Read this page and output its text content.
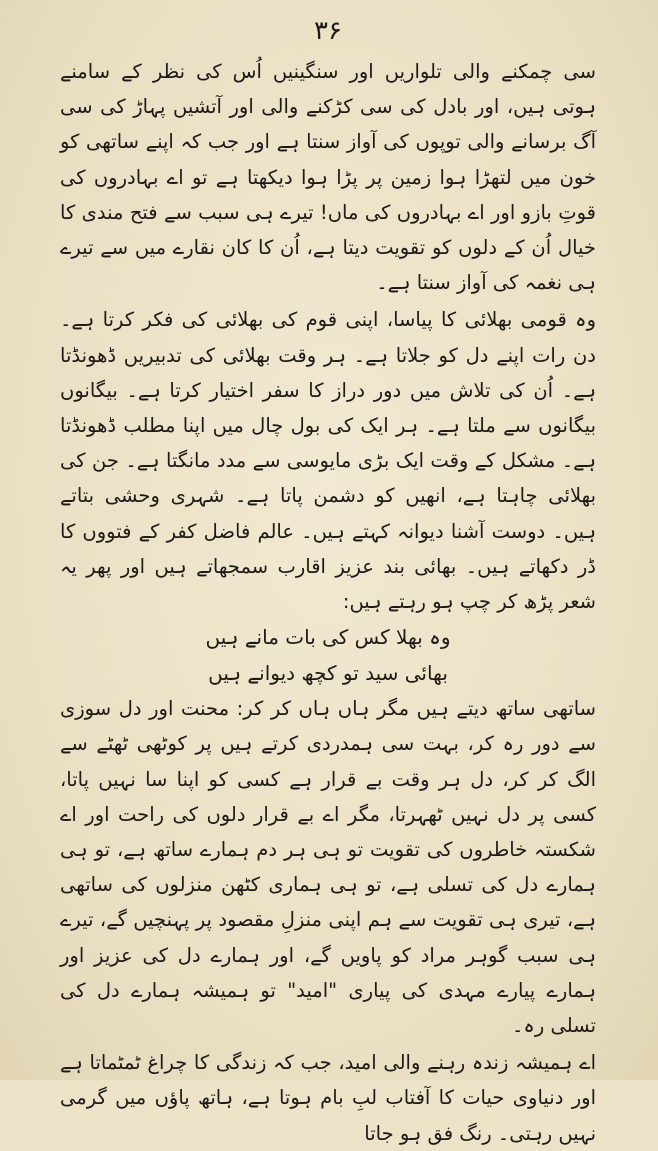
۳۶

سی چمکنے والی تلواریں اور سنگینیں اُس کی نظر کے سامنے ہوتی ہیں، اور بادل کی سی کڑکنے والی اور آتشیں پہاڑ کی سی آگ برسانے والی توپوں کی آواز سنتا ہے اور جب کہ اپنے ساتھی کو خون میں لتھڑا ہوا زمین پر پڑا ہوا دیکھتا ہے تو اے بہادروں کی قوتِ بازو اور اے بہادروں کی ماں! تیرے ہی سبب سے فتح مندی کا خیال اُن کے دلوں کو تقویت دیتا ہے، اُن کا کان نقارے میں سے تیرے ہی نغمہ کی آواز سنتا ہے۔

وہ قومی بھلائی کا پیاسا، اپنی قوم کی بھلائی کی فکر کرتا ہے۔ دن رات اپنے دل کو جلاتا ہے۔ ہر وقت بھلائی کی تدبیریں ڈھونڈتا ہے۔ اُن کی تلاش میں دور دراز کا سفر اختیار کرتا ہے۔ بیگانوں بیگانوں سے ملتا ہے۔ ہر ایک کی بول چال میں اپنا مطلب ڈھونڈتا ہے۔ مشکل کے وقت ایک بڑی مایوسی سے مدد مانگتا ہے۔ جن کی بھلائی چاہتا ہے، انھیں کو دشمن پاتا ہے۔ شہری وحشی بتاتے ہیں۔ دوست آشنا دیوانہ کہتے ہیں۔ عالم فاضل کفر کے فتووں کا ڈر دکھاتے ہیں۔ بھائی بند عزیز اقارب سمجھاتے ہیں اور پھر یہ شعر پڑھ کر چپ ہو رہتے ہیں:

وہ بھلا کس کی بات مانے ہیں
بھائی سید تو کچھ دیوانے ہیں

ساتھی ساتھ دیتے ہیں مگر ہاں ہاں کر کر: محنت اور دل سوزی سے دور رہ کر، بہت سی ہمدردی کرتے ہیں پر کوٹھی ٹھٹے سے الگ کر کر، دل ہر وقت بے قرار ہے کسی کو اپنا سا نہیں پاتا، کسی پر دل نہیں ٹھہرتا، مگر اے بے قرار دلوں کی راحت اور اے شکستہ خاطروں کی تقویت تو ہی ہر دم ہمارے ساتھ ہے، تو ہی ہمارے دل کی تسلی ہے، تو ہی ہماری کٹھن منزلوں کی ساتھی ہے، تیری ہی تقویت سے ہم اپنی منزلِ مقصود پر پہنچیں گے، تیرے ہی سبب گوہر مراد کو پاویں گے، اور ہمارے دل کی عزیز اور ہمارے پیارے مہدی کی پیاری "امید" تو ہمیشہ ہمارے دل کی تسلی رہ۔

اے ہمیشہ زندہ رہنے والی امید، جب کہ زندگی کا چراغ ٹمٹماتا ہے اور دنیاوی حیات کا آفتاب لبِ بام ہوتا ہے، ہاتھ پاؤں میں گرمی نہیں رہتی۔ رنگ فق ہو جاتا
